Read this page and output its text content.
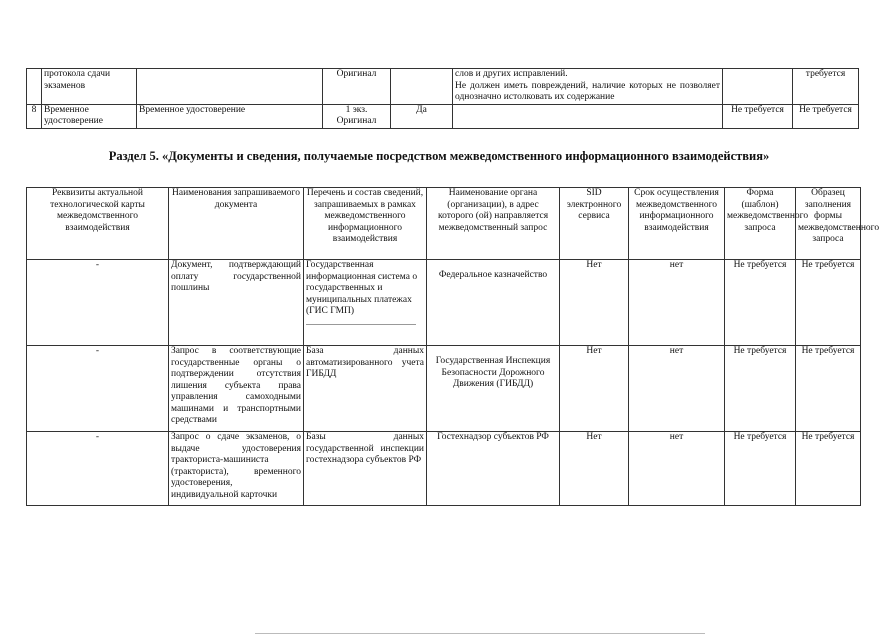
	протокола сдачи экзаменов		Оригинал		слов и других исправлений.
Не должен иметь повреждений, наличие которых не позволяет однозначно истолковать их содержание		требуется
8	Временное удостоверение	Временное удостоверение	1 экз.
Оригинал	Да		Не требуется	Не требуется
Раздел 5. «Документы и сведения, получаемые посредством межведомственного информационного взаимодействия»
Реквизиты актуальной технологической карты межведомственного взаимодействия	Наименования запрашиваемого документа	Перечень и состав сведений, запрашиваемых в рамках межведомственного информационного взаимодействия	Наименование органа (организации), в адрес которого (ой) направляется межведомственный запрос	SID электронного сервиса	Срок осуществления межведомственного информационного взаимодействия	Форма (шаблон) межведомственного запроса	Образец заполнения формы межведомственного запроса
-	Документ, подтверждающий оплату государственной пошлины	Государственная информационная система о государственных и муниципальных платежах (ГИС ГМП)	Федеральное казначейство	Нет	нет	Не требуется	Не требуется
-	Запрос в соответствующие государственные органы о подтверждении отсутствия лишения субъекта права управления самоходными машинами и транспортными средствами	База данных автоматизированного учета ГИБДД	Государственная Инспекция Безопасности Дорожного Движения (ГИБДД)	Нет	нет	Не требуется	Не требуется
-	Запрос о сдаче экзаменов, о выдаче удостоверения тракториста-машиниста (тракториста), временного удостоверения, индивидуальной карточки	Базы данных государственной инспекции гостехнадзора субъектов РФ	Гостехнадзор субъектов РФ	Нет	нет	Не требуется	Не требуется
